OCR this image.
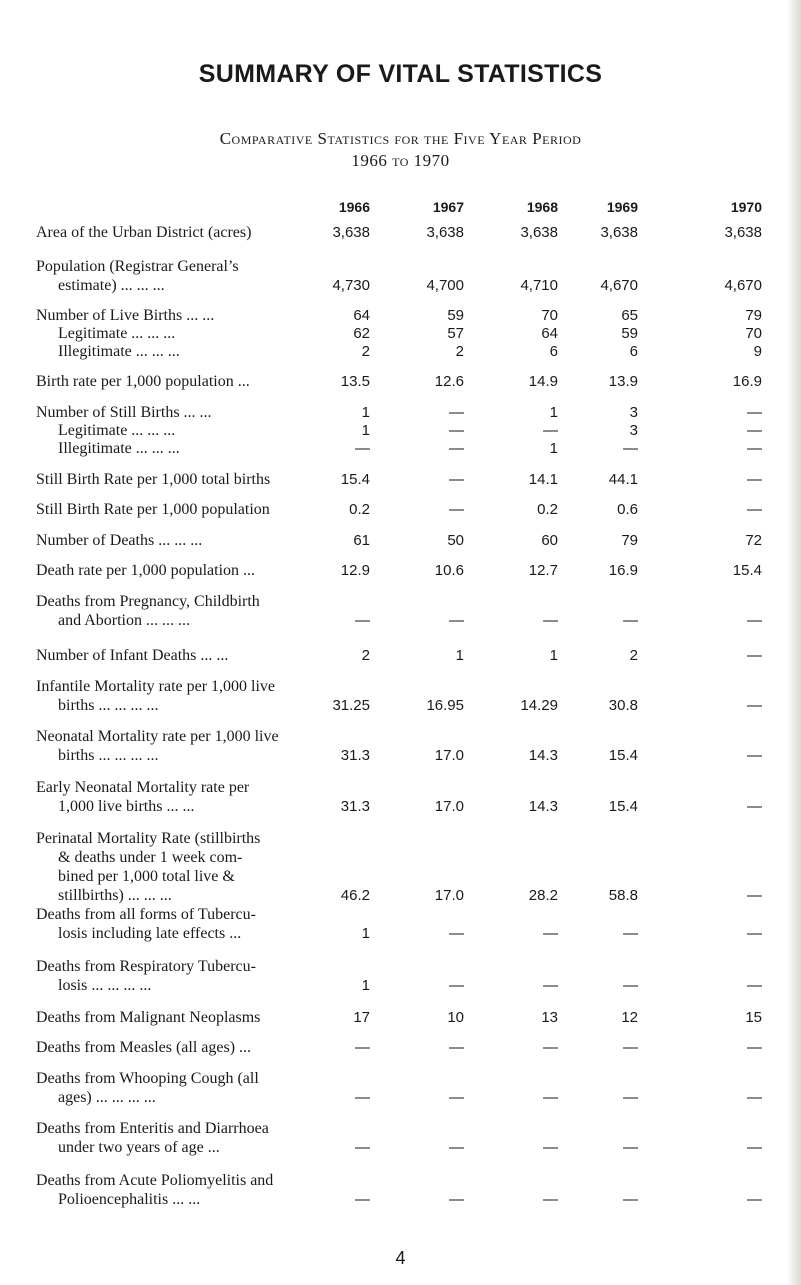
SUMMARY OF VITAL STATISTICS
Comparative Statistics for the Five Year Period
1966 to 1970
1966	1967	1968	1969	1970
Area of the Urban District (acres)	3,638	3,638	3,638	3,638	3,638
Population (Registrar General’s
estimate) ... ... ...	4,730	4,700	4,710	4,670	4,670
Number of Live Births ... ...	64	59	70	65	79
Legitimate ... ... ...	62	57	64	59	70
Illegitimate ... ... ...	2	2	6	6	9
Birth rate per 1,000 population ...	13.5	12.6	14.9	13.9	16.9
Number of Still Births ... ...	1	—	1	3	—
Legitimate ... ... ...	1	—	—	3	—
Illegitimate ... ... ...	—	—	1	—	—
Still Birth Rate per 1,000 total births	15.4	—	14.1	44.1	—
Still Birth Rate per 1,000 population	0.2	—	0.2	0.6	—
Number of Deaths ... ... ...	61	50	60	79	72
Death rate per 1,000 population ...	12.9	10.6	12.7	16.9	15.4
Deaths from Pregnancy, Childbirth
and Abortion ... ... ...	—	—	—	—	—
Number of Infant Deaths ... ...	2	1	1	2	—
Infantile Mortality rate per 1,000 live
births ... ... ... ...	31.25	16.95	14.29	30.8	—
Neonatal Mortality rate per 1,000 live
births ... ... ... ...	31.3	17.0	14.3	15.4	—
Early Neonatal Mortality rate per
1,000 live births ... ...	31.3	17.0	14.3	15.4	—
Perinatal Mortality Rate (stillbirths
& deaths under 1 week com-
bined per 1,000 total live &
stillbirths) ... ... ...	46.2	17.0	28.2	58.8	—
Deaths from all forms of Tubercu-
losis including late effects ...	1	—	—	—	—
Deaths from Respiratory Tubercu-
losis ... ... ... ...	1	—	—	—	—
Deaths from Malignant Neoplasms	17	10	13	12	15
Deaths from Measles (all ages) ...	—	—	—	—	—
Deaths from Whooping Cough (all
ages) ... ... ... ...	—	—	—	—	—
Deaths from Enteritis and Diarrhoea
under two years of age ...	—	—	—	—	—
Deaths from Acute Poliomyelitis and
Polioencephalitis ... ...	—	—	—	—	—
4
